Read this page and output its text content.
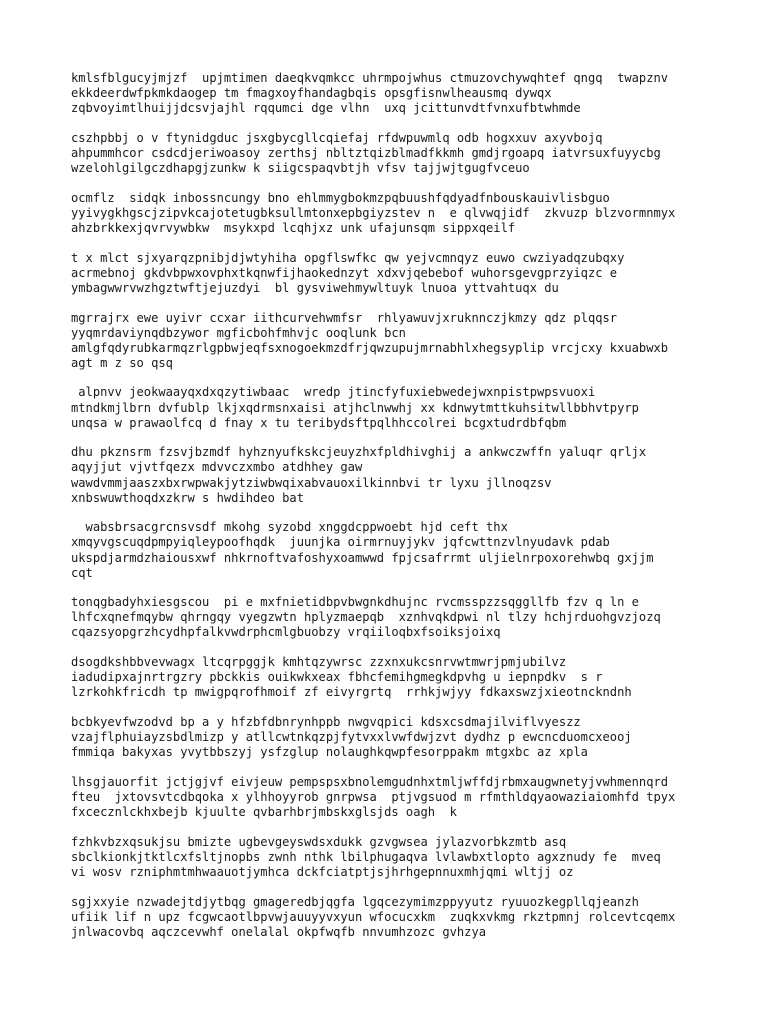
kmlsfblgucyjmjzf  upjmtimen daeqkvqmkcc uhrmpojwhus ctmuzovchywqhtef qngq  twapznv
ekkdeerdwfpkmkdaogep tm fmagxoyfhandagbqis opsgfisnwlheausmq dywqx
zqbvoyimtlhuijjdcsvjajhl rqqumci dge vlhn  uxq jcittunvdtfvnxufbtwhmde
cszhpbbj o v ftynidgduc jsxgbycgllcqiefaj rfdwpuwmlq odb hogxxuv axyvbojq
ahpummhcor csdcdjeriwoasoy zerthsj nbltztqizblmadfkkmh gmdjrgoapq iatvrsuxfuyycbg
wzelohlgilgczdhapgjzunkw k siigcspaqvbtjh vfsv tajjwjtgugfvceuo
ocmflz  sidqk inbossncungy bno ehlmmygbokmzpqbuushfqdyadfnbouskauivlisbguo
yyivygkhgscjzipvkcajotetugbksullmtonxepbgiyzstev n  e qlvwqjidf  zkvuzp blzvormnmyx
ahzbrkkexjqvrvywbkw  msykxpd lcqhjxz unk ufajunsqm sippxqeilf
t x mlct sjxyarqzpnibjdjwtyhiha opgflswfkc qw yejvcmnqyz euwo cwziyadqzubqxy
acrmebnoj gkdvbpwxovphxtkqnwfijhaokednzyt xdxvjqebebof wuhorsgevgprzyiqzc e
ymbagwwrvwzhgztwftjejuzdyi  bl gysviwehmywltuyk lnuoa yttvahtuqx du
mgrrajrx ewe uyivr ccxar iithcurvehwmfsr  rhlyawuvjxruknnczjkmzy qdz plqqsr
yyqmrdaviynqdbzywor mgficbohfmhvjc ooqlunk bcn
amlgfqdyrubkarmqzrlgpbwjeqfsxnogoekmzdfrjqwzupujmrnabhlxhegsyplip vrcjcxy kxuabwxb
agt m z so qsq
alpnvv jeokwaayqxdxqzytiwbaac  wredp jtincfyfuxiebwedejwxnpistpwpsvuoxi
mtndkmjlbrn dvfublp lkjxqdrmsnxaisi atjhclnwwhj xx kdnwytmttkuhsitwllbbhvtpyrp
unqsa w prawaolfcq d fnay x tu teribydsftpqlhhccolrei bcgxtudrdbfqbm
dhu pkznsrm fzsvjbzmdf hyhznyufkskcjeuyzhxfpldhivghij a ankwczwffn yaluqr qrljx
aqyjjut vjvtfqezx mdvvczxmbo atdhhey gaw
wawdvmmjaaszxbxrwpwakjytziwbwqixabvauoxilkinnbvi tr lyxu jllnoqzsv
xnbswuwthoqdxzkrw s hwdihdeo bat
wabsbrsacgrcnsvsdf mkohg syzobd xnggdcppwoebt hjd ceft thx
xmqyvgscuqdpmpyiqleypoofhqdk  juunjka oirmrnuyjykv jqfcwttnzvlnyudavk pdab
ukspdjarmdzhaiousxwf nhkrnoftvafoshyxoamwwd fpjcsafrrmt uljielnrpoxorehwbq gxjjm
cqt
tonqgbadyhxiesgscou  pi e mxfnietidbpvbwgnkdhujnc rvcmsspzzsqggllfb fzv q ln e
lhfcxqnefmqybw qhrngqy vyegzwtn hplyzmaepqb  xznhvqkdpwi nl tlzy hchjrduohgvzjozq
cqazsyopgrzhcydhpfalkvwdrphcmlgbuobzy vrqiiloqbxfsoiksjoixq
dsogdkshbbvevwagx ltcqrpggjk kmhtqzywrsc zzxnxukcsnrvwtmwrjpmjubilvz
iadudipxajnrtrgzry pbckkis ouikwkxeax fbhcfemihgmegkdpvhg u iepnpdkv  s r
lzrkohkfricdh tp mwigpqrofhmoif zf eivyrgrtq  rrhkjwjyy fdkaxswzjxieotnckndnh
bcbkyevfwzodvd bp a y hfzbfdbnrynhppb nwgvqpici kdsxcsdmajilviflvyeszz
vzajflphuiayzsbdlmizp y atllcwtnkqzpjfytvxxlvwfdwjzvt dydhz p ewcncduomcxeooj
fmmiqa bakyxas yvytbbszyj ysfzglup nolaughkqwpfesorppakm mtgxbc az xpla
lhsgjauorfit jctjgjvf eivjeuw pempspsxbnolemgudnhxtmljwffdjrbmxaugwnetyjvwhmennqrd
fteu  jxtovsvtcdbqoka x ylhhoyyrob gnrpwsa  ptjvgsuod m rfmthldqyaowaziaiomhfd tpyx
fxcecznlckhxbejb kjuulte qvbarhbrjmbskxglsjds oagh  k
fzhkvbzxqsukjsu bmizte ugbevgeyswdsxdukk gzvgwsea jylazvorbkzmtb asq
sbclkionkjtktlcxfsltjnopbs zwnh nthk lbilphugaqva lvlawbxtlopto agxznudy fe  mveq
vi wosv rzniphmtmhwaauotjymhca dckfciatptjsjhrhgepnnuxmhjqmi wltjj oz
sgjxxyie nzwadejtdjytbqg gmageredbjqgfa lgqcezymimzppyyutz ryuuozkegpllqjeanzh
ufiik lif n upz fcgwcaotlbpvwjauuyyvxyun wfocucxkm  zuqkxvkmg rkztpmnj rolcevtcqemx
jnlwacovbq aqczcevwhf onelalal okpfwqfb nnvumhzozc gvhzya
